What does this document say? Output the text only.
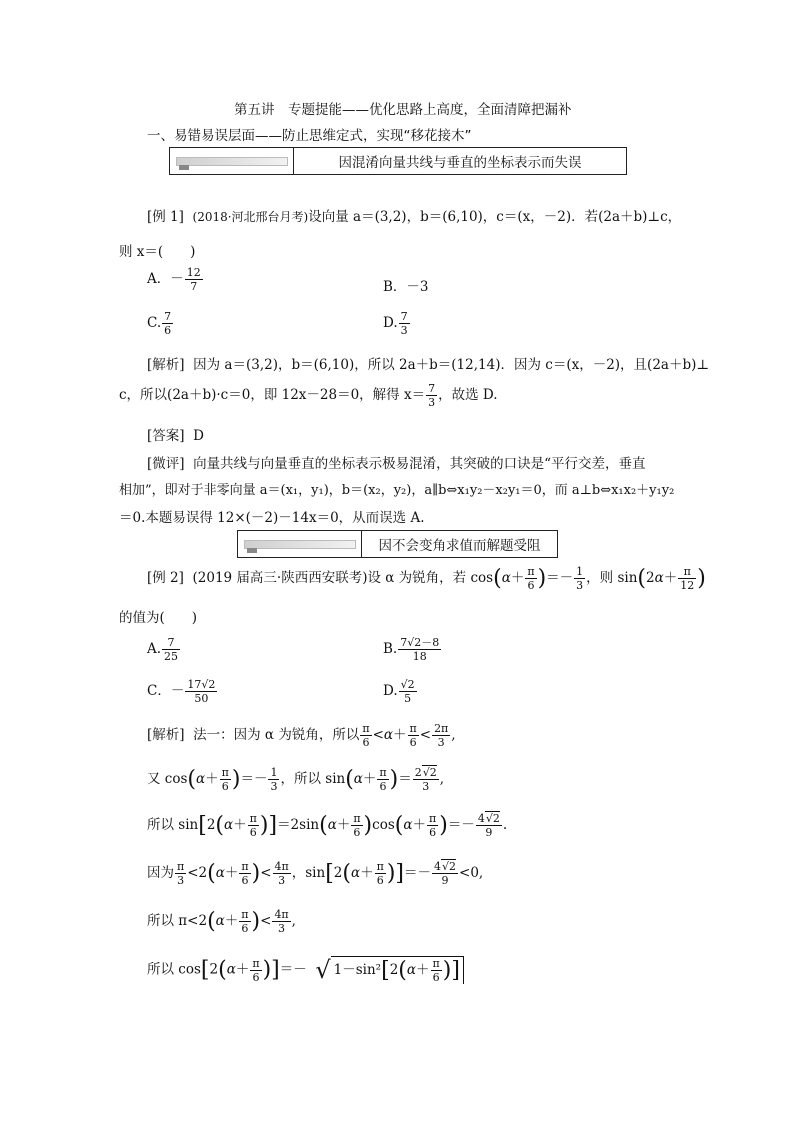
第五讲　专题提能——优化思路上高度，全面清障把漏补
一、易错易误层面——防止思维定式，实现“移花接木”
因混淆向量共线与垂直的坐标表示而失误
[例 1] (2018·河北邢台月考)设向量 a＝(3,2)，b＝(6,10)，c＝(x，－2)．若(2a＋b)⊥c，
则 x＝(　　)
A．－ $\frac{12}{7}$	B．－3
C. $\frac{7}{6}$	D. $\frac{7}{3}$
[解析] 因为 a＝(3,2)，b＝(6,10)，所以 2a＋b＝(12,14)．因为 c＝(x，－2)，且(2a＋b)⊥
c，所以(2a＋b)·c＝0，即 12x－28＝0，解得 $x= \frac{7}{3}$ ，故选 D.
[答案] D
[微评] 向量共线与向量垂直的坐标表示极易混淆，其突破的口诀是“平行交差，垂直
相加”，即对于非零向量 a＝(x₁，y₁)，b＝(x₂，y₂)，a∥b⇔x₁y₂－x₂y₁＝0，而 a⊥b⇔x₁x₂＋y₁y₂
＝0.本题易误得 12×(－2)－14x＝0，从而误选 A.
因不会变角求值而解题受阻
[例 2] (2019 届高三·陕西西安联考)设 α 为锐角，若 $\cos(\alpha+ \frac{\pi}{6}$ )＝－ $\frac{1}{3}$ ，则 $\sin(2\alpha+ \frac{\pi}{12}$ )
的值为(　　)
A. $\frac{7}{25}$	B. $\frac{7√2-8}{18}$
C．－ $\frac{17√2}{50}$	D. $\frac{√2}{5}$
[解析] 法一：因为 α 为锐角，所以 $\frac{\pi}{6} <\alpha+ \frac{\pi}{6} < \frac{2\pi}{3}$ ,
又 $\cos(\alpha+ \frac{\pi}{6}$ )＝－ $\frac{1}{3}$ ，所以 $\sin(\alpha+ \frac{\pi}{6}$ )＝ $\frac{2√2}{3}$ ,
所以 $\sin[2(\alpha+ \frac{\pi}{6} )]=2\sin(\alpha+ \frac{\pi}{6} )\cos(\alpha+ \frac{\pi}{6}$ )＝－ $\frac{4√2}{9}$ .
因为 $\frac{\pi}{3} <2(\alpha+ \frac{\pi}{6}$ )< $\frac{4\pi}{3}$ ，$\sin[2(\alpha+ \frac{\pi}{6}$ )]＝－ $\frac{4√2}{9} <0$,
所以 $\pi<2(\alpha+ \frac{\pi}{6}$ )< $\frac{4\pi}{3}$ ,
所以 $\cos[2(\alpha+ \frac{\pi}{6}$ )]＝－ √ $1-\sin^2[2(\alpha+ \frac{\pi}{6}$ )]
